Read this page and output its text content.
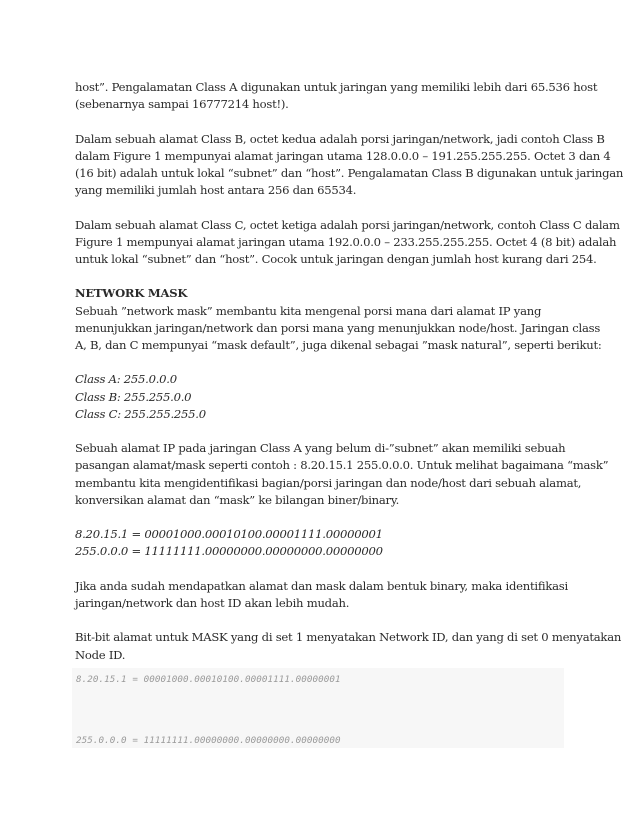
host”. Pengalamatan Class A digunakan untuk jaringan yang memiliki lebih dari 65.536 host
(sebenarnya sampai 16777214 host!).
Dalam sebuah alamat Class B, octet kedua adalah porsi jaringan/network, jadi contoh Class B
dalam Figure 1 mempunyai alamat jaringan utama 128.0.0.0 – 191.255.255.255. Octet 3 dan 4
(16 bit) adalah untuk lokal “subnet” dan “host”. Pengalamatan Class B digunakan untuk jaringan
yang memiliki jumlah host antara 256 dan 65534.
Dalam sebuah alamat Class C, octet ketiga adalah porsi jaringan/network, contoh Class C dalam
Figure 1 mempunyai alamat jaringan utama 192.0.0.0 – 233.255.255.255. Octet 4 (8 bit) adalah
untuk lokal “subnet” dan “host”. Cocok untuk jaringan dengan jumlah host kurang dari 254.
NETWORK MASK
Sebuah ”network mask” membantu kita mengenal porsi mana dari alamat IP yang
menunjukkan jaringan/network dan porsi mana yang menunjukkan node/host. Jaringan class
A, B, dan C mempunyai “mask default”, juga dikenal sebagai ”mask natural”, seperti berikut:
Class A: 255.0.0.0
Class B: 255.255.0.0
Class C: 255.255.255.0
Sebuah alamat IP pada jaringan Class A yang belum di-”subnet” akan memiliki sebuah
pasangan alamat/mask seperti contoh : 8.20.15.1 255.0.0.0. Untuk melihat bagaimana “mask”
membantu kita mengidentifikasi bagian/porsi jaringan dan node/host dari sebuah alamat,
konversikan alamat dan “mask” ke bilangan biner/binary.
8.20.15.1 = 00001000.00010100.00001111.00000001
255.0.0.0 = 11111111.00000000.00000000.00000000
Jika anda sudah mendapatkan alamat dan mask dalam bentuk binary, maka identifikasi
jaringan/network dan host ID akan lebih mudah.
Bit-bit alamat untuk MASK yang di set 1 menyatakan Network ID, dan yang di set 0 menyatakan
Node ID.
8.20.15.1 = 00001000.00010100.00001111.00000001
255.0.0.0 = 11111111.00000000.00000000.00000000
